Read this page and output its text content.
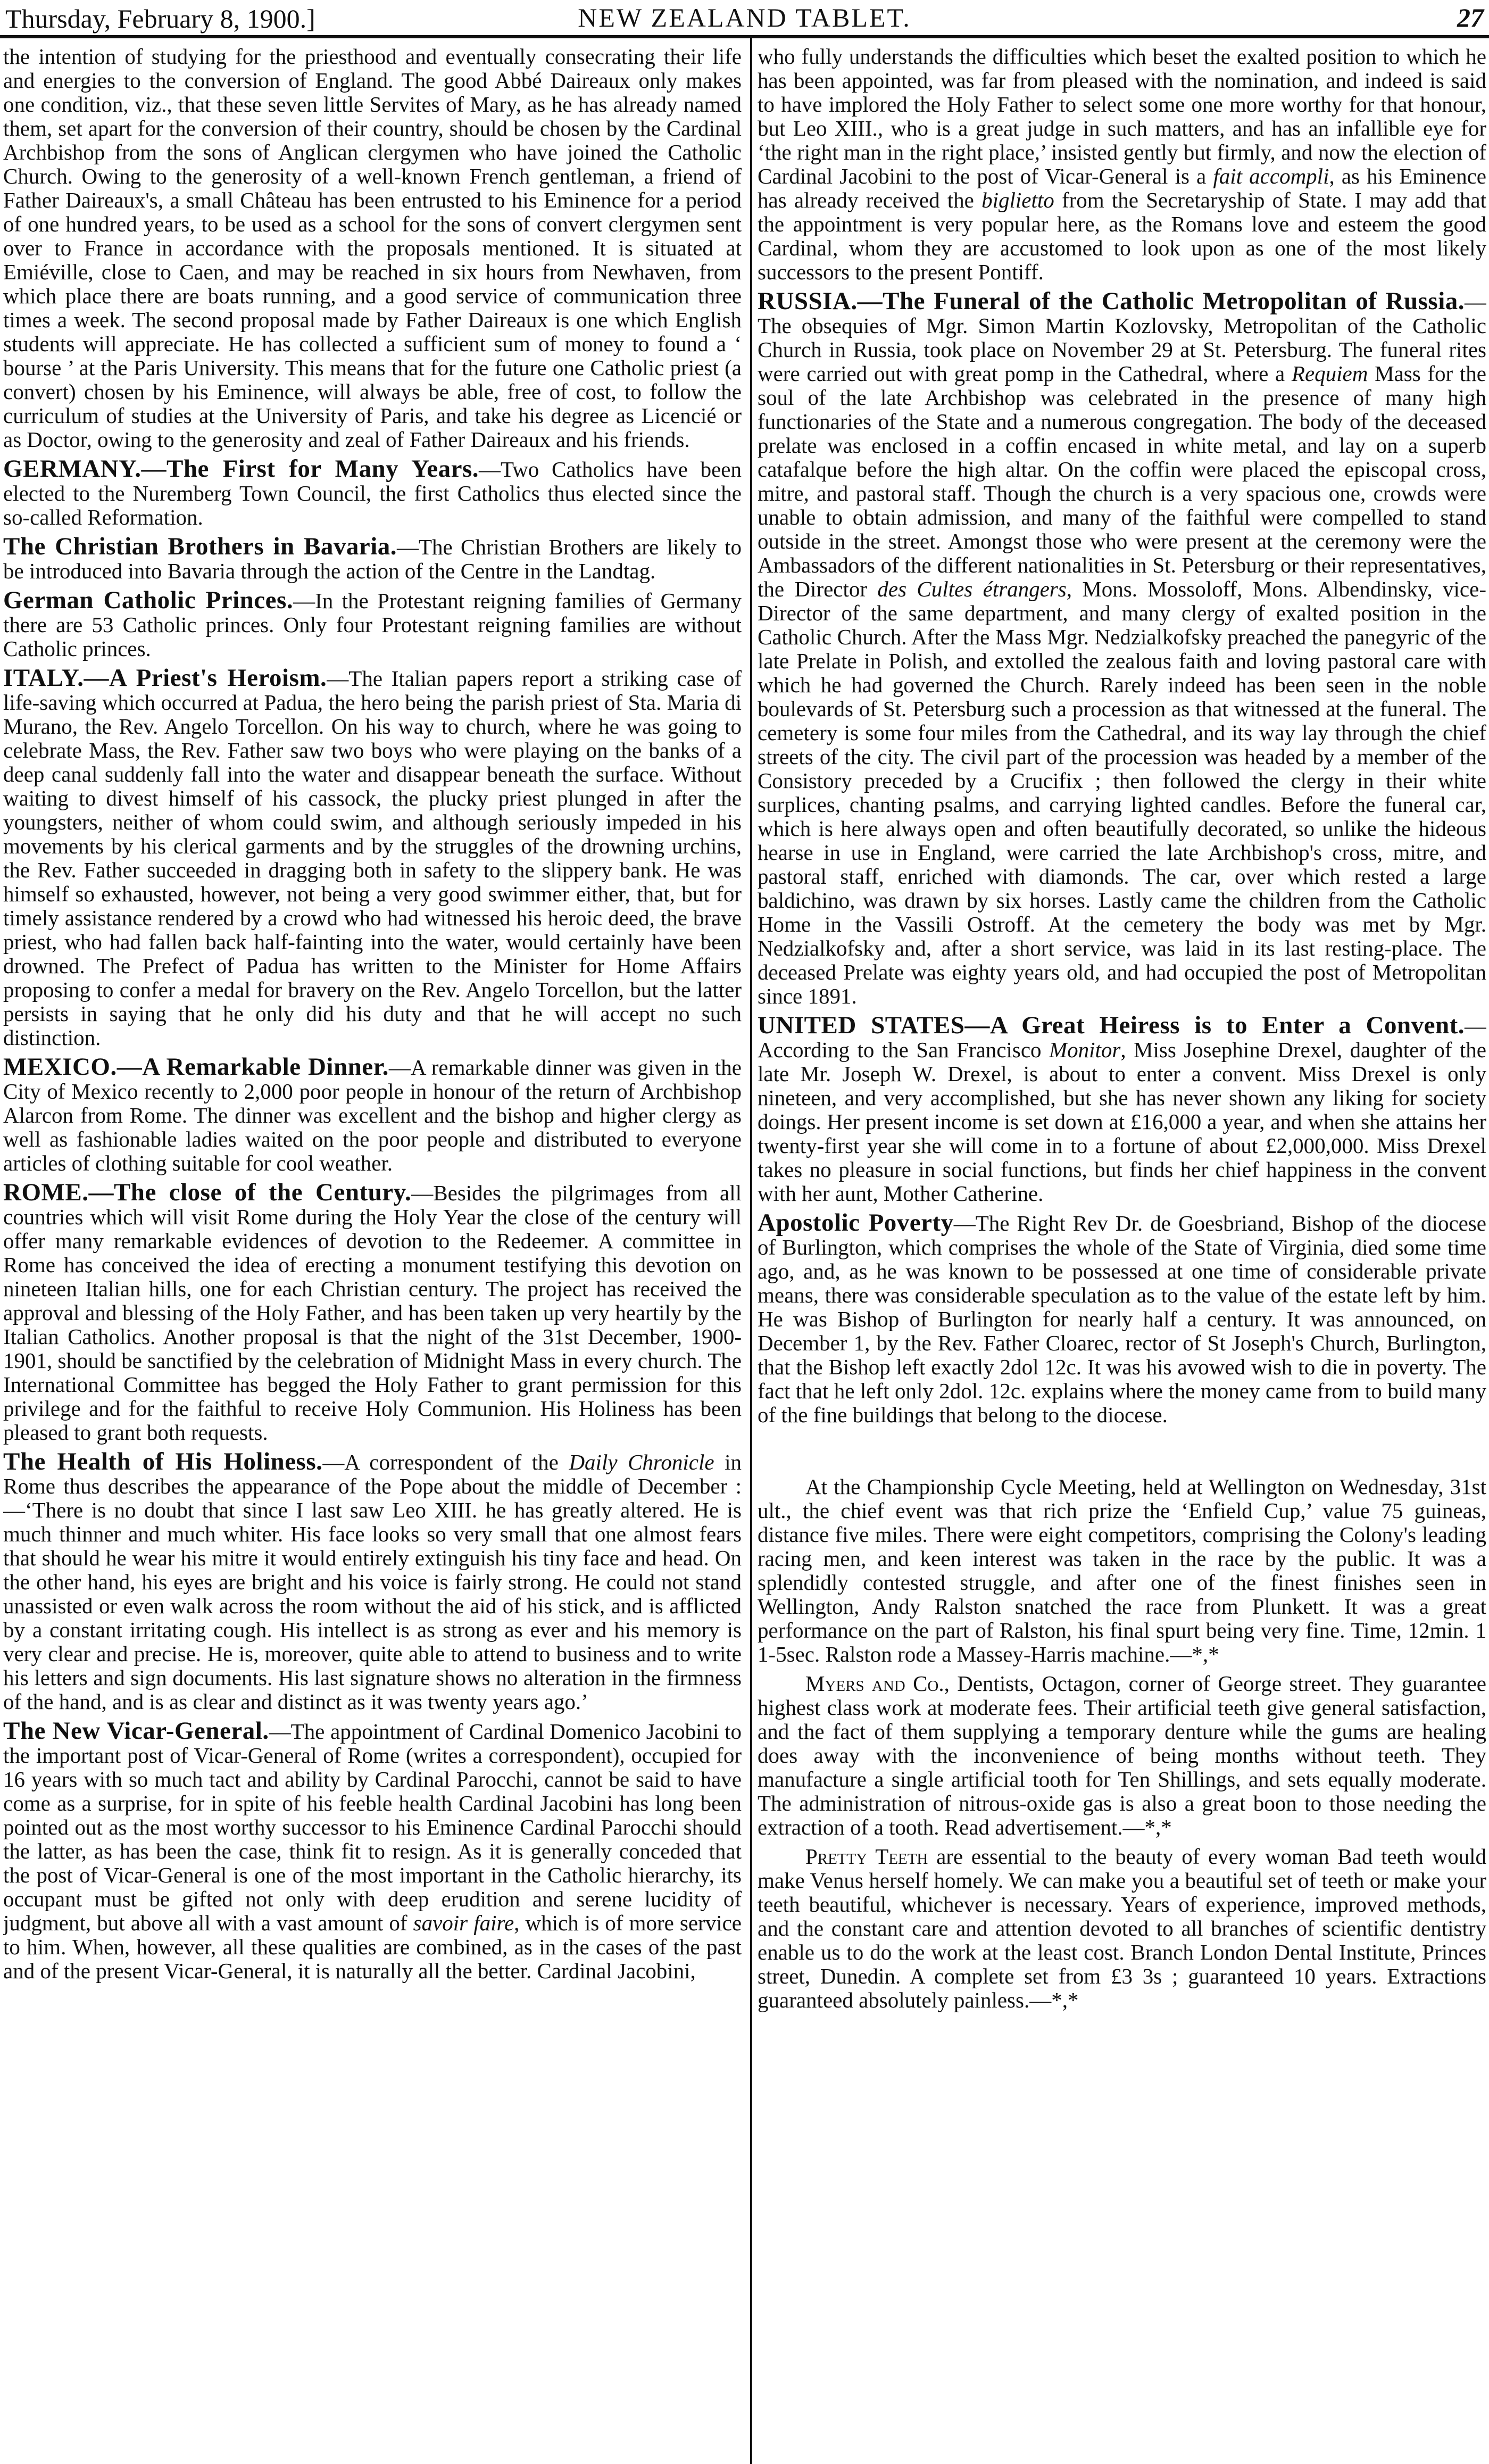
Thursday, February 8, 1900.]	NEW ZEALAND TABLET.	27

the intention of studying for the priesthood and eventually consecrating their life and energies to the conversion of England. The good Abbé Daireaux only makes one condition, viz., that these seven little Servites of Mary, as he has already named them, set apart for the conversion of their country, should be chosen by the Cardinal Archbishop from the sons of Anglican clergymen who have joined the Catholic Church. Owing to the generosity of a well-known French gentleman, a friend of Father Daireaux's, a small Château has been entrusted to his Eminence for a period of one hundred years, to be used as a school for the sons of convert clergymen sent over to France in accordance with the proposals mentioned. It is situated at Emiéville, close to Caen, and may be reached in six hours from Newhaven, from which place there are boats running, and a good service of communication three times a week. The second proposal made by Father Daireaux is one which English students will appreciate. He has collected a sufficient sum of money to found a ‘ bourse ’ at the Paris University. This means that for the future one Catholic priest (a convert) chosen by his Eminence, will always be able, free of cost, to follow the curriculum of studies at the University of Paris, and take his degree as Licencié or as Doctor, owing to the generosity and zeal of Father Daireaux and his friends.

GERMANY.—The First for Many Years.—Two Catholics have been elected to the Nuremberg Town Council, the first Catholics thus elected since the so-called Reformation.

The Christian Brothers in Bavaria.—The Christian Brothers are likely to be introduced into Bavaria through the action of the Centre in the Landtag.

German Catholic Princes.—In the Protestant reigning families of Germany there are 53 Catholic princes. Only four Protestant reigning families are without Catholic princes.

ITALY.—A Priest's Heroism.—The Italian papers report a striking case of life-saving which occurred at Padua, the hero being the parish priest of Sta. Maria di Murano, the Rev. Angelo Torcellon. On his way to church, where he was going to celebrate Mass, the Rev. Father saw two boys who were playing on the banks of a deep canal suddenly fall into the water and disappear beneath the surface. Without waiting to divest himself of his cassock, the plucky priest plunged in after the youngsters, neither of whom could swim, and although seriously impeded in his movements by his clerical garments and by the struggles of the drowning urchins, the Rev. Father succeeded in dragging both in safety to the slippery bank. He was himself so exhausted, however, not being a very good swimmer either, that, but for timely assistance rendered by a crowd who had witnessed his heroic deed, the brave priest, who had fallen back half-fainting into the water, would certainly have been drowned. The Prefect of Padua has written to the Minister for Home Affairs proposing to confer a medal for bravery on the Rev. Angelo Torcellon, but the latter persists in saying that he only did his duty and that he will accept no such distinction.

MEXICO.—A Remarkable Dinner.—A remarkable dinner was given in the City of Mexico recently to 2,000 poor people in honour of the return of Archbishop Alarcon from Rome. The dinner was excellent and the bishop and higher clergy as well as fashionable ladies waited on the poor people and distributed to everyone articles of clothing suitable for cool weather.

ROME.—The close of the Century.—Besides the pilgrimages from all countries which will visit Rome during the Holy Year the close of the century will offer many remarkable evidences of devotion to the Redeemer. A committee in Rome has conceived the idea of erecting a monument testifying this devotion on nineteen Italian hills, one for each Christian century. The project has received the approval and blessing of the Holy Father, and has been taken up very heartily by the Italian Catholics. Another proposal is that the night of the 31st December, 1900-1901, should be sanctified by the celebration of Midnight Mass in every church. The International Committee has begged the Holy Father to grant permission for this privilege and for the faithful to receive Holy Communion. His Holiness has been pleased to grant both requests.

The Health of His Holiness.—A correspondent of the Daily Chronicle in Rome thus describes the appearance of the Pope about the middle of December :—‘There is no doubt that since I last saw Leo XIII. he has greatly altered. He is much thinner and much whiter. His face looks so very small that one almost fears that should he wear his mitre it would entirely extinguish his tiny face and head. On the other hand, his eyes are bright and his voice is fairly strong. He could not stand unassisted or even walk across the room without the aid of his stick, and is afflicted by a constant irritating cough. His intellect is as strong as ever and his memory is very clear and precise. He is, moreover, quite able to attend to business and to write his letters and sign documents. His last signature shows no alteration in the firmness of the hand, and is as clear and distinct as it was twenty years ago.’

The New Vicar-General.—The appointment of Cardinal Domenico Jacobini to the important post of Vicar-General of Rome (writes a correspondent), occupied for 16 years with so much tact and ability by Cardinal Parocchi, cannot be said to have come as a surprise, for in spite of his feeble health Cardinal Jacobini has long been pointed out as the most worthy successor to his Eminence Cardinal Parocchi should the latter, as has been the case, think fit to resign. As it is generally conceded that the post of Vicar-General is one of the most important in the Catholic hierarchy, its occupant must be gifted not only with deep erudition and serene lucidity of judgment, but above all with a vast amount of savoir faire, which is of more service to him. When, however, all these qualities are combined, as in the cases of the past and of the present Vicar-General, it is naturally all the better. Cardinal Jacobini,

who fully understands the difficulties which beset the exalted position to which he has been appointed, was far from pleased with the nomination, and indeed is said to have implored the Holy Father to select some one more worthy for that honour, but Leo XIII., who is a great judge in such matters, and has an infallible eye for ‘the right man in the right place,’ insisted gently but firmly, and now the election of Cardinal Jacobini to the post of Vicar-General is a fait accompli, as his Eminence has already received the biglietto from the Secretaryship of State. I may add that the appointment is very popular here, as the Romans love and esteem the good Cardinal, whom they are accustomed to look upon as one of the most likely successors to the present Pontiff.

RUSSIA.—The Funeral of the Catholic Metropolitan of Russia.—The obsequies of Mgr. Simon Martin Kozlovsky, Metropolitan of the Catholic Church in Russia, took place on November 29 at St. Petersburg. The funeral rites were carried out with great pomp in the Cathedral, where a Requiem Mass for the soul of the late Archbishop was celebrated in the presence of many high functionaries of the State and a numerous congregation. The body of the deceased prelate was enclosed in a coffin encased in white metal, and lay on a superb catafalque before the high altar. On the coffin were placed the episcopal cross, mitre, and pastoral staff. Though the church is a very spacious one, crowds were unable to obtain admission, and many of the faithful were compelled to stand outside in the street. Amongst those who were present at the ceremony were the Ambassadors of the different nationalities in St. Petersburg or their representatives, the Director des Cultes étrangers, Mons. Mossoloff, Mons. Albendinsky, vice-Director of the same department, and many clergy of exalted position in the Catholic Church. After the Mass Mgr. Nedzialkofsky preached the panegyric of the late Prelate in Polish, and extolled the zealous faith and loving pastoral care with which he had governed the Church. Rarely indeed has been seen in the noble boulevards of St. Petersburg such a procession as that witnessed at the funeral. The cemetery is some four miles from the Cathedral, and its way lay through the chief streets of the city. The civil part of the procession was headed by a member of the Consistory preceded by a Crucifix ; then followed the clergy in their white surplices, chanting psalms, and carrying lighted candles. Before the funeral car, which is here always open and often beautifully decorated, so unlike the hideous hearse in use in England, were carried the late Archbishop's cross, mitre, and pastoral staff, enriched with diamonds. The car, over which rested a large baldichino, was drawn by six horses. Lastly came the children from the Catholic Home in the Vassili Ostroff. At the cemetery the body was met by Mgr. Nedzialkofsky and, after a short service, was laid in its last resting-place. The deceased Prelate was eighty years old, and had occupied the post of Metropolitan since 1891.

UNITED STATES—A Great Heiress is to Enter a Convent.—According to the San Francisco Monitor, Miss Josephine Drexel, daughter of the late Mr. Joseph W. Drexel, is about to enter a convent. Miss Drexel is only nineteen, and very accomplished, but she has never shown any liking for society doings. Her present income is set down at £16,000 a year, and when she attains her twenty-first year she will come in to a fortune of about £2,000,000. Miss Drexel takes no pleasure in social functions, but finds her chief happiness in the convent with her aunt, Mother Catherine.

Apostolic Poverty—The Right Rev Dr. de Goesbriand, Bishop of the diocese of Burlington, which comprises the whole of the State of Virginia, died some time ago, and, as he was known to be possessed at one time of considerable private means, there was considerable speculation as to the value of the estate left by him. He was Bishop of Burlington for nearly half a century. It was announced, on December 1, by the Rev. Father Cloarec, rector of St Joseph's Church, Burlington, that the Bishop left exactly 2dol 12c. It was his avowed wish to die in poverty. The fact that he left only 2dol. 12c. explains where the money came from to build many of the fine buildings that belong to the diocese.

At the Championship Cycle Meeting, held at Wellington on Wednesday, 31st ult., the chief event was that rich prize the ‘Enfield Cup,’ value 75 guineas, distance five miles. There were eight competitors, comprising the Colony's leading racing men, and keen interest was taken in the race by the public. It was a splendidly contested struggle, and after one of the finest finishes seen in Wellington, Andy Ralston snatched the race from Plunkett. It was a great performance on the part of Ralston, his final spurt being very fine. Time, 12min. 1 1-5sec. Ralston rode a Massey-Harris machine.—*,*

Myers and Co., Dentists, Octagon, corner of George street. They guarantee highest class work at moderate fees. Their artificial teeth give general satisfaction, and the fact of them supplying a temporary denture while the gums are healing does away with the inconvenience of being months without teeth. They manufacture a single artificial tooth for Ten Shillings, and sets equally moderate. The administration of nitrous-oxide gas is also a great boon to those needing the extraction of a tooth. Read advertisement.—*,*

Pretty Teeth are essential to the beauty of every woman Bad teeth would make Venus herself homely. We can make you a beautiful set of teeth or make your teeth beautiful, whichever is necessary. Years of experience, improved methods, and the constant care and attention devoted to all branches of scientific dentistry enable us to do the work at the least cost. Branch London Dental Institute, Princes street, Dunedin. A complete set from £3 3s ; guaranteed 10 years. Extractions guaranteed absolutely painless.—*,*
